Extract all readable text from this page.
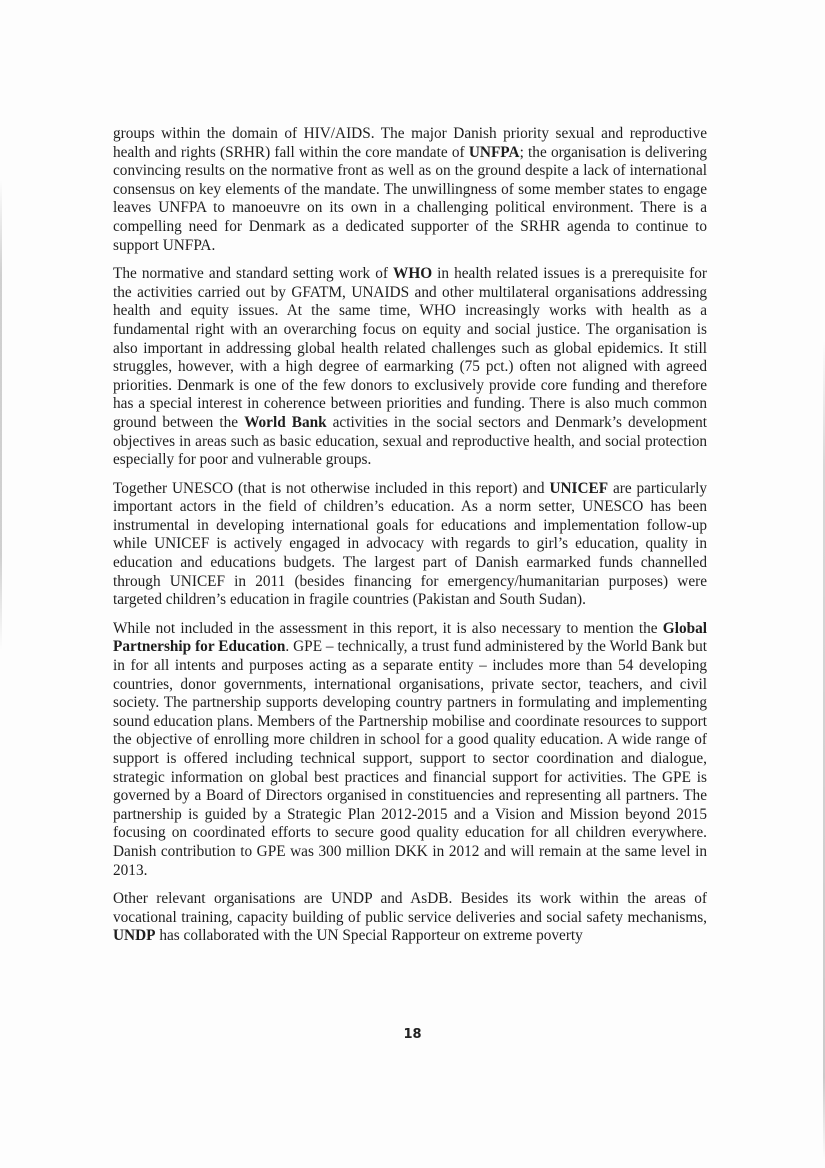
groups within the domain of HIV/AIDS. The major Danish priority sexual and reproductive health and rights (SRHR) fall within the core mandate of UNFPA; the organisation is delivering convincing results on the normative front as well as on the ground despite a lack of international consensus on key elements of the mandate. The unwillingness of some member states to engage leaves UNFPA to manoeuvre on its own in a challenging political environment. There is a compelling need for Denmark as a dedicated supporter of the SRHR agenda to continue to support UNFPA.

The normative and standard setting work of WHO in health related issues is a prerequisite for the activities carried out by GFATM, UNAIDS and other multilateral organisations addressing health and equity issues. At the same time, WHO increasingly works with health as a fundamental right with an overarching focus on equity and social justice. The organisation is also important in addressing global health related challenges such as global epidemics. It still struggles, however, with a high degree of earmarking (75 pct.) often not aligned with agreed priorities. Denmark is one of the few donors to exclusively provide core funding and therefore has a special interest in coherence between priorities and funding. There is also much common ground between the World Bank activities in the social sectors and Denmark’s development objectives in areas such as basic education, sexual and reproductive health, and social protection especially for poor and vulnerable groups.

Together UNESCO (that is not otherwise included in this report) and UNICEF are particularly important actors in the field of children’s education. As a norm setter, UNESCO has been instrumental in developing international goals for educations and implementation follow-up while UNICEF is actively engaged in advocacy with regards to girl’s education, quality in education and educations budgets. The largest part of Danish earmarked funds channelled through UNICEF in 2011 (besides financing for emergency/humanitarian purposes) were targeted children’s education in fragile countries (Pakistan and South Sudan).

While not included in the assessment in this report, it is also necessary to mention the Global Partnership for Education. GPE – technically, a trust fund administered by the World Bank but in for all intents and purposes acting as a separate entity – includes more than 54 developing countries, donor governments, international organisations, private sector, teachers, and civil society. The partnership supports developing country partners in formulating and implementing sound education plans. Members of the Partnership mobilise and coordinate resources to support the objective of enrolling more children in school for a good quality education. A wide range of support is offered including technical support, support to sector coordination and dialogue, strategic information on global best practices and financial support for activities. The GPE is governed by a Board of Directors organised in constituencies and representing all partners. The partnership is guided by a Strategic Plan 2012-2015 and a Vision and Mission beyond 2015 focusing on coordinated efforts to secure good quality education for all children everywhere. Danish contribution to GPE was 300 million DKK in 2012 and will remain at the same level in 2013.

Other relevant organisations are UNDP and AsDB. Besides its work within the areas of vocational training, capacity building of public service deliveries and social safety mechanisms, UNDP has collaborated with the UN Special Rapporteur on extreme poverty

18
